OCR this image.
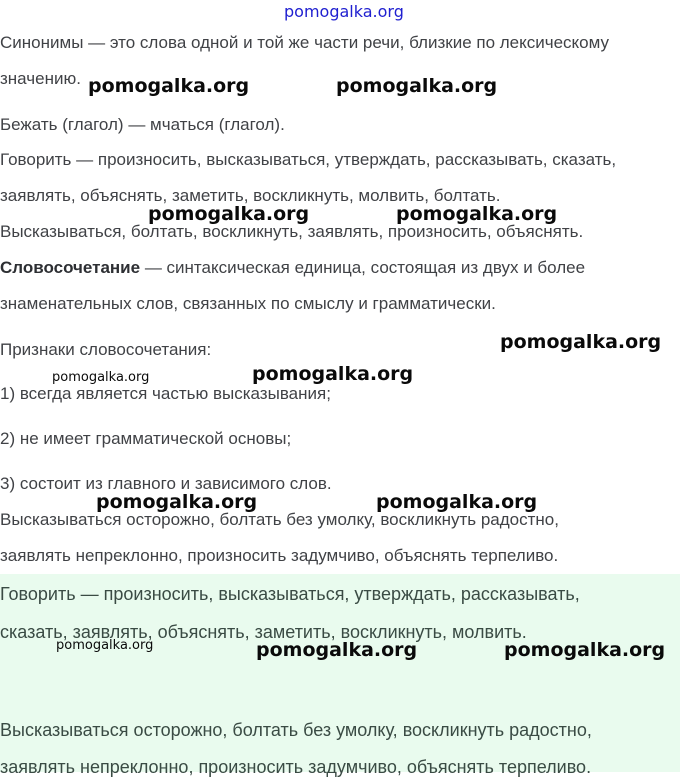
pomogalka.org

Синонимы — это слова одной и той же части речи, близкие по лексическому

значению.

Бежать (глагол) — мчаться (глагол).

Говорить — произносить, высказываться, утверждать, рассказывать, сказать,

заявлять, объяснять, заметить, воскликнуть, молвить, болтать.

Высказываться, болтать, воскликнуть, заявлять, произносить, объяснять.

Словосочетание — синтаксическая единица, состоящая из двух и более

знаменательных слов, связанных по смыслу и грамматически.

Признаки словосочетания:

1) всегда является частью высказывания;

2) не имеет грамматической основы;

3) состоит из главного и зависимого слов.

Высказываться осторожно, болтать без умолку, воскликнуть радостно,

заявлять непреклонно, произносить задумчиво, объяснять терпеливо.

Говорить — произносить, высказываться, утверждать, рассказывать,

сказать, заявлять, объяснять, заметить, воскликнуть, молвить.

Высказываться осторожно, болтать без умолку, воскликнуть радостно,

заявлять непреклонно, произносить задумчиво, объяснять терпеливо.

pomogalka.org	pomogalka.org
pomogalka.org	pomogalka.org
pomogalka.org
pomogalka.org	pomogalka.org
pomogalka.org	pomogalka.org
pomogalka.org	pomogalka.org	pomogalka.org
